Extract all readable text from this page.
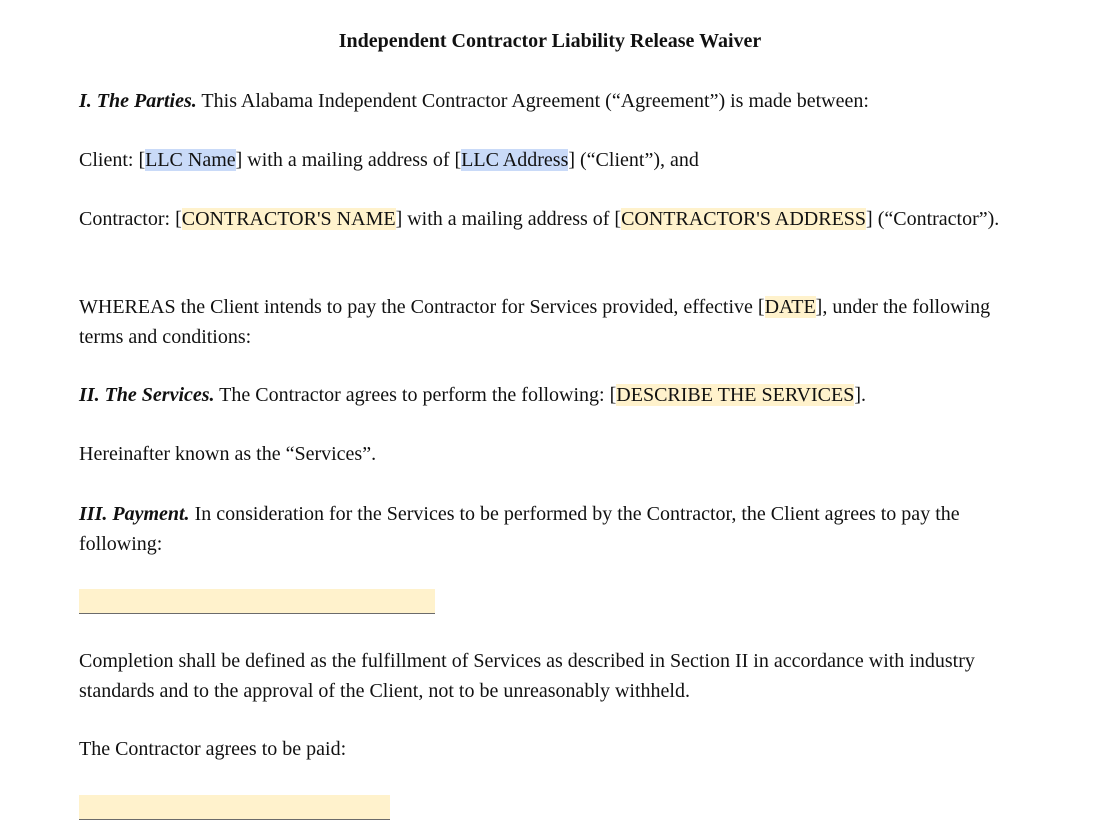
Independent Contractor Liability Release Waiver
I. The Parties. This Alabama Independent Contractor Agreement (“Agreement”) is made between:
Client: [LLC Name] with a mailing address of [LLC Address] (“Client”), and
Contractor: [CONTRACTOR'S NAME] with a mailing address of [CONTRACTOR'S ADDRESS] (“Contractor”).
WHEREAS the Client intends to pay the Contractor for Services provided, effective [DATE], under the following terms and conditions:
II. The Services. The Contractor agrees to perform the following: [DESCRIBE THE SERVICES].
Hereinafter known as the “Services”.
III. Payment. In consideration for the Services to be performed by the Contractor, the Client agrees to pay the following:
Completion shall be defined as the fulfillment of Services as described in Section II in accordance with industry standards and to the approval of the Client, not to be unreasonably withheld.
The Contractor agrees to be paid:
